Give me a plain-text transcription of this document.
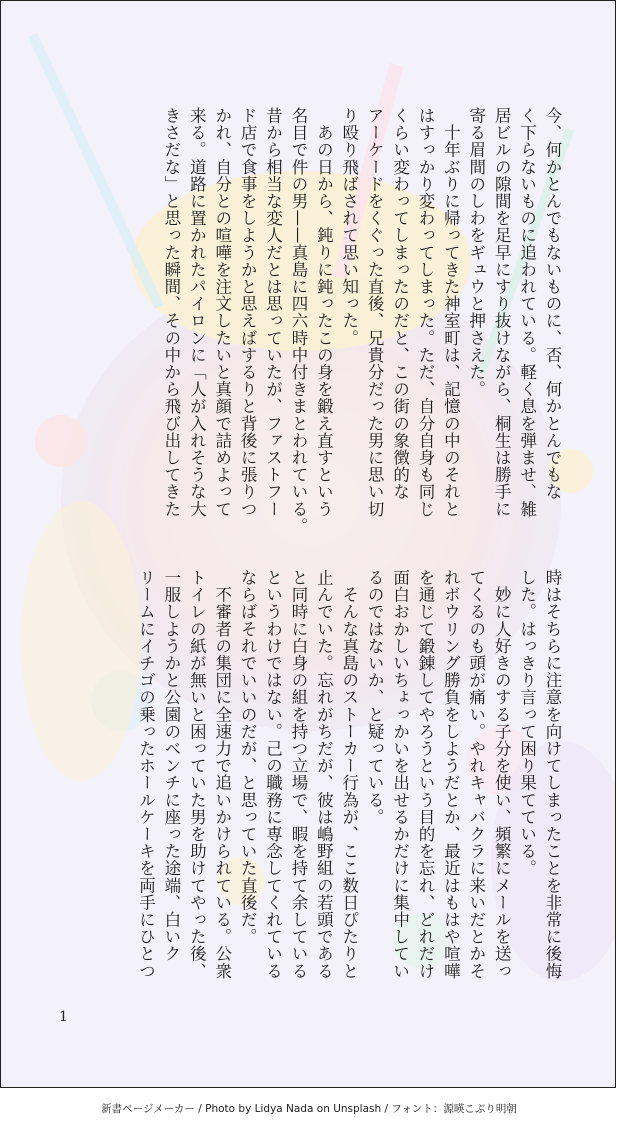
今、何かとんでもないものに、否、何かとんでもな

く下らないものに追われている。軽く息を弾ませ、雑

居ビルの隙間を足早にすり抜けながら、桐生は勝手に

寄る眉間のしわをギュウと押さえた。

　十年ぶりに帰ってきた神室町は、記憶の中のそれと

はすっかり変わってしまった。ただ、自分自身も同じ

くらい変わってしまったのだと、この街の象徴的な

アーケードをくぐった直後、兄貴分だった男に思い切

り殴り飛ばされて思い知った。

　あの日から、鈍りに鈍ったこの身を鍛え直すという

名目で件の男——真島に四六時中付きまとわれている。

昔から相当な変人だとは思っていたが、ファストフー

ド店で食事をしようかと思えばするりと背後に張りつ

かれ、自分との喧嘩を注文したいと真顔で詰めよって

来る。道路に置かれたパイロンに「人が入れそうな大

きさだな」と思った瞬間、その中から飛び出してきた

時はそちらに注意を向けてしまったことを非常に後悔

した。はっきり言って困り果てている。

　妙に人好きのする子分を使い、頻繁にメールを送っ

てくるのも頭が痛い。やれキャバクラに来いだとかそ

れボウリング勝負をしようだとか、最近はもはや喧嘩

を通じて鍛錬してやろうという目的を忘れ、どれだけ

面白おかしいちょっかいを出せるかだけに集中してい

るのではないか、と疑っている。

　そんな真島のストーカー行為が、ここ数日ぴたりと

止んでいた。忘れがちだが、彼は嶋野組の若頭である

と同時に白身の組を持つ立場で、暇を持て余している

というわけではない。己の職務に専念してくれている

ならばそれでいいのだが、と思っていた直後だ。

　不審者の集団に全速力で追いかけられている。公衆

トイレの紙が無いと困っていた男を助けてやった後、

一服しようかと公園のベンチに座った途端、白いク

リームにイチゴの乗ったホールケーキを両手にひとつ

1
新書ページメーカー / Photo by Lidya Nada on Unsplash / フォント：源暎こぶり明朝
